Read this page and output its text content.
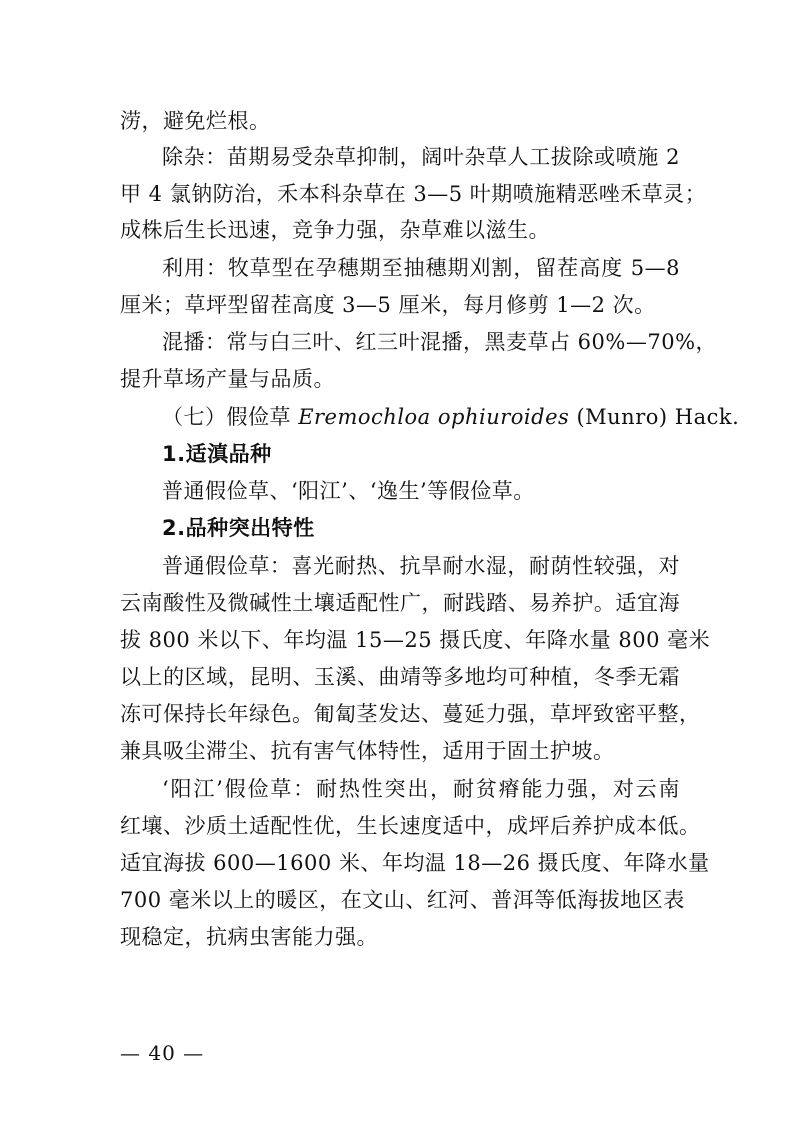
涝，避免烂根。
除杂：苗期易受杂草抑制，阔叶杂草人工拔除或喷施 2
甲 4 氯钠防治，禾本科杂草在 3—5 叶期喷施精恶唑禾草灵；
成株后生长迅速，竞争力强，杂草难以滋生。
利用：牧草型在孕穗期至抽穗期刈割，留茬高度 5—8
厘米；草坪型留茬高度 3—5 厘米，每月修剪 1—2 次。
混播：常与白三叶、红三叶混播，黑麦草占 60%—70%，
提升草场产量与品质。
（七）假俭草 Eremochloa ophiuroides (Munro) Hack.
1.适滇品种
普通假俭草、‘阳江’、‘逸生’等假俭草。
2.品种突出特性
普通假俭草：喜光耐热、抗旱耐水湿，耐荫性较强，对
云南酸性及微碱性土壤适配性广，耐践踏、易养护。适宜海
拔 800 米以下、年均温 15—25 摄氏度、年降水量 800 毫米
以上的区域，昆明、玉溪、曲靖等多地均可种植，冬季无霜
冻可保持长年绿色。匍匐茎发达、蔓延力强，草坪致密平整，
兼具吸尘滞尘、抗有害气体特性，适用于固土护坡。
‘阳江’假俭草：耐热性突出，耐贫瘠能力强，对云南
红壤、沙质土适配性优，生长速度适中，成坪后养护成本低。
适宜海拔 600—1600 米、年均温 18—26 摄氏度、年降水量
700 毫米以上的暖区，在文山、红河、普洱等低海拔地区表
现稳定，抗病虫害能力强。
— 40 —
